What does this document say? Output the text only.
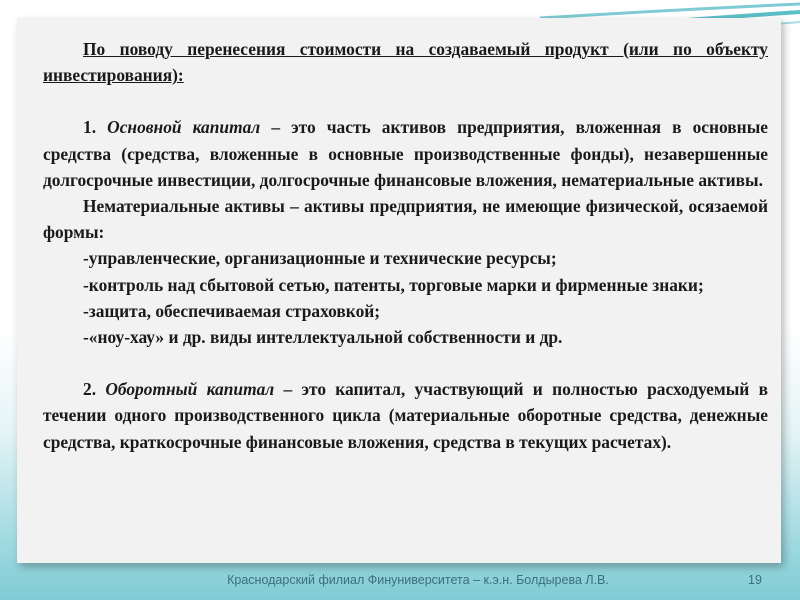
По поводу перенесения стоимости на создаваемый продукт (или по объекту инвестирования):

1. Основной капитал – это часть активов предприятия, вложенная в основные средства (средства, вложенные в основные производственные фонды), незавершенные долгосрочные инвестиции, долгосрочные финансовые вложения, нематериальные активы.

Нематериальные активы – активы предприятия, не имеющие физической, осязаемой формы:

-управленческие, организационные и технические ресурсы;

-контроль над сбытовой сетью, патенты, торговые марки и фирменные знаки;

-защита, обеспечиваемая страховкой;

-«ноу-хау» и др. виды интеллектуальной собственности и др.

2. Оборотный капитал – это капитал, участвующий и полностью расходуемый в течении одного производственного цикла (материальные оборотные средства, денежные средства, краткосрочные финансовые вложения, средства в текущих расчетах).

Краснодарский филиал Финуниверситета – к.э.н. Болдырева Л.В.	19
